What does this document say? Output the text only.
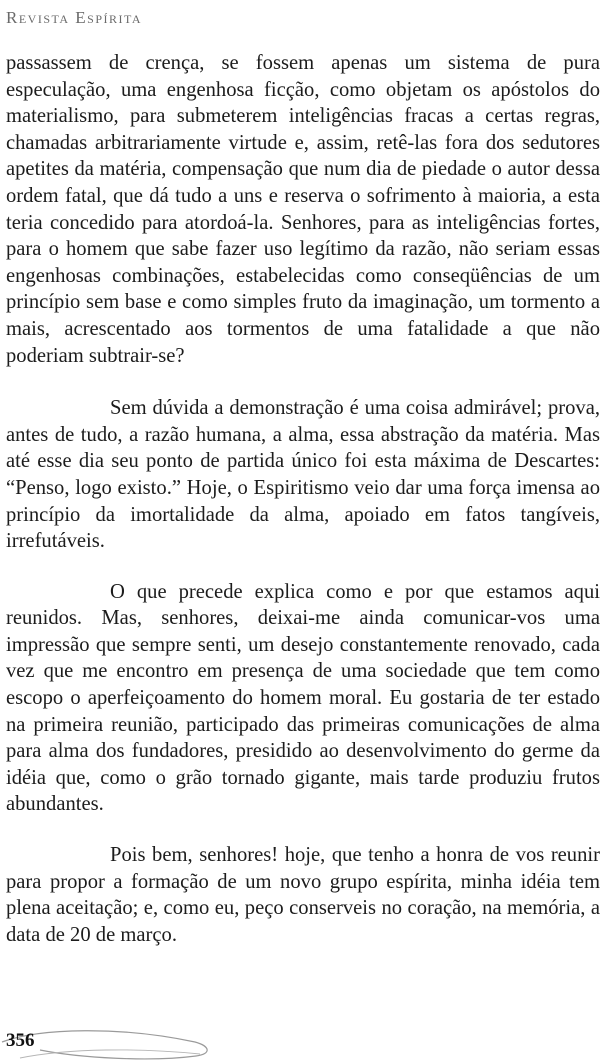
Revista Espírita

passassem de crença, se fossem apenas um sistema de pura especulação, uma engenhosa ficção, como objetam os apóstolos do materialismo, para submeterem inteligências fracas a certas regras, chamadas arbitrariamente virtude e, assim, retê-las fora dos sedutores apetites da matéria, compensação que num dia de piedade o autor dessa ordem fatal, que dá tudo a uns e reserva o sofrimento à maioria, a esta teria concedido para atordoá-la. Senhores, para as inteligências fortes, para o homem que sabe fazer uso legítimo da razão, não seriam essas engenhosas combinações, estabelecidas como conseqüências de um princípio sem base e como simples fruto da imaginação, um tormento a mais, acrescentado aos tormentos de uma fatalidade a que não poderiam subtrair-se?

Sem dúvida a demonstração é uma coisa admirável; prova, antes de tudo, a razão humana, a alma, essa abstração da matéria. Mas até esse dia seu ponto de partida único foi esta máxima de Descartes: “Penso, logo existo.” Hoje, o Espiritismo veio dar uma força imensa ao princípio da imortalidade da alma, apoiado em fatos tangíveis, irrefutáveis.

O que precede explica como e por que estamos aqui reunidos. Mas, senhores, deixai-me ainda comunicar-vos uma impressão que sempre senti, um desejo constantemente renovado, cada vez que me encontro em presença de uma sociedade que tem como escopo o aperfeiçoamento do homem moral. Eu gostaria de ter estado na primeira reunião, participado das primeiras comunicações de alma para alma dos fundadores, presidido ao desenvolvimento do germe da idéia que, como o grão tornado gigante, mais tarde produziu frutos abundantes.

Pois bem, senhores! hoje, que tenho a honra de vos reunir para propor a formação de um novo grupo espírita, minha idéia tem plena aceitação; e, como eu, peço conserveis no coração, na memória, a data de 20 de março.

356
